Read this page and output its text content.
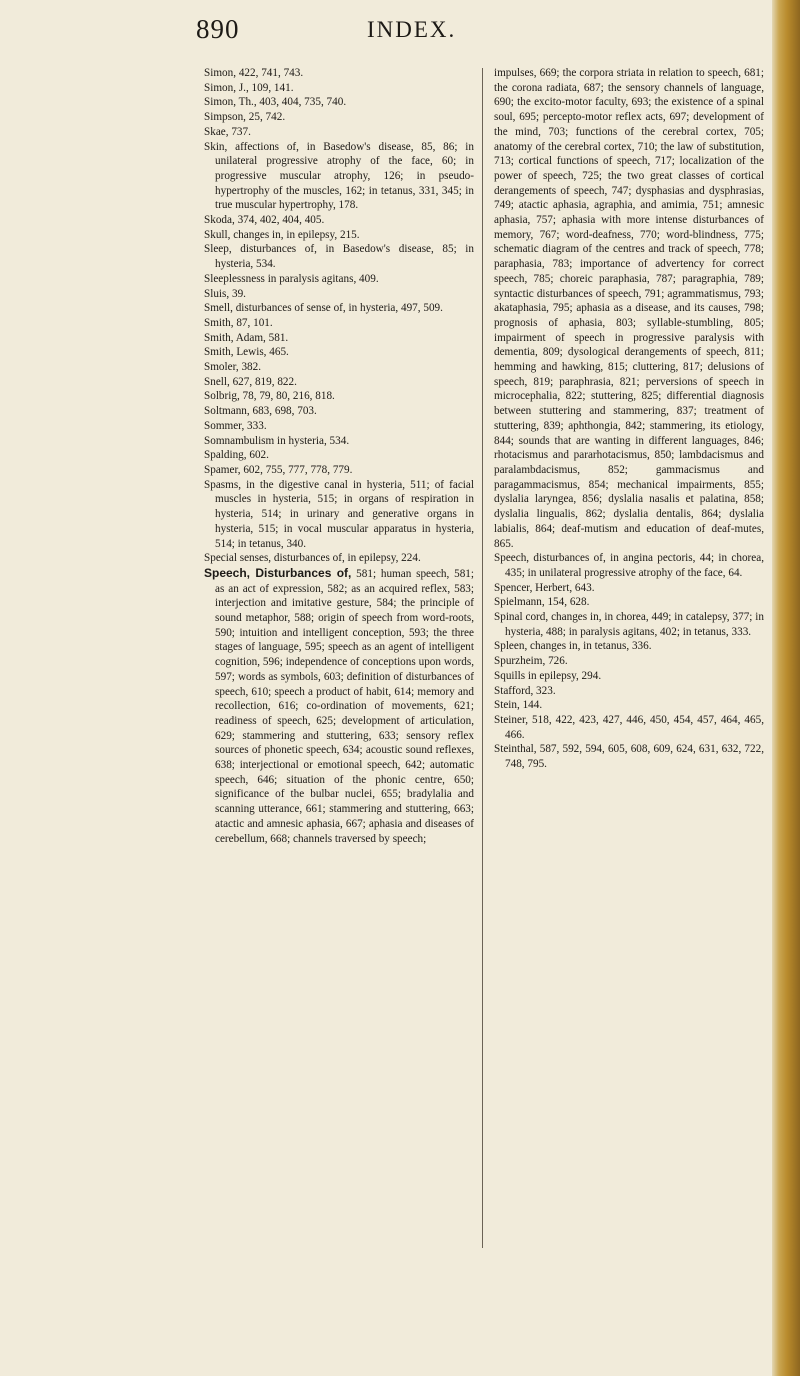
890	INDEX.

Simon, 422, 741, 743.

Simon, J., 109, 141.

Simon, Th., 403, 404, 735, 740.

Simpson, 25, 742.

Skae, 737.

Skin, affections of, in Basedow's disease, 85, 86; in unilateral progressive atrophy of the face, 60; in progressive muscular atrophy, 126; in pseudo-hypertrophy of the muscles, 162; in tetanus, 331, 345; in true muscular hypertrophy, 178.

Skoda, 374, 402, 404, 405.

Skull, changes in, in epilepsy, 215.

Sleep, disturbances of, in Basedow's disease, 85; in hysteria, 534.

Sleeplessness in paralysis agitans, 409.

Sluis, 39.

Smell, disturbances of sense of, in hysteria, 497, 509.

Smith, 87, 101.

Smith, Adam, 581.

Smith, Lewis, 465.

Smoler, 382.

Snell, 627, 819, 822.

Solbrig, 78, 79, 80, 216, 818.

Soltmann, 683, 698, 703.

Sommer, 333.

Somnambulism in hysteria, 534.

Spalding, 602.

Spamer, 602, 755, 777, 778, 779.

Spasms, in the digestive canal in hysteria, 511; of facial muscles in hysteria, 515; in organs of respiration in hysteria, 514; in urinary and generative organs in hysteria, 515; in vocal muscular apparatus in hysteria, 514; in tetanus, 340.

Special senses, disturbances of, in epilepsy, 224.

Speech, Disturbances of, 581; human speech, 581; as an act of expression, 582; as an acquired reflex, 583; interjection and imitative gesture, 584; the principle of sound metaphor, 588; origin of speech from word-roots, 590; intuition and intelligent conception, 593; the three stages of language, 595; speech as an agent of intelligent cognition, 596; independence of conceptions upon words, 597; words as symbols, 603; definition of disturbances of speech, 610; speech a product of habit, 614; memory and recollection, 616; co-ordination of movements, 621; readiness of speech, 625; development of articulation, 629; stammering and stuttering, 633; sensory reflex sources of phonetic speech, 634; acoustic sound reflexes, 638; interjectional or emotional speech, 642; automatic speech, 646; situation of the phonic centre, 650; significance of the bulbar nuclei, 655; bradylalia and scanning utterance, 661; stammering and stuttering, 663; atactic and amnesic aphasia, 667; aphasia and diseases of cerebellum, 668; channels traversed by speech;

impulses, 669; the corpora striata in relation to speech, 681; the corona radiata, 687; the sensory channels of language, 690; the excito-motor faculty, 693; the existence of a spinal soul, 695; percepto-motor reflex acts, 697; development of the mind, 703; functions of the cerebral cortex, 705; anatomy of the cerebral cortex, 710; the law of substitution, 713; cortical functions of speech, 717; localization of the power of speech, 725; the two great classes of cortical derangements of speech, 747; dysphasias and dysphrasias, 749; atactic aphasia, agraphia, and amimia, 751; amnesic aphasia, 757; aphasia with more intense disturbances of memory, 767; word-deafness, 770; word-blindness, 775; schematic diagram of the centres and track of speech, 778; paraphasia, 783; importance of advertency for correct speech, 785; choreic paraphasia, 787; paragraphia, 789; syntactic disturbances of speech, 791; agrammatismus, 793; akataphasia, 795; aphasia as a disease, and its causes, 798; prognosis of aphasia, 803; syllable-stumbling, 805; impairment of speech in progressive paralysis with dementia, 809; dysological derangements of speech, 811; hemming and hawking, 815; cluttering, 817; delusions of speech, 819; paraphrasia, 821; perversions of speech in microcephalia, 822; stuttering, 825; differential diagnosis between stuttering and stammering, 837; treatment of stuttering, 839; aphthongia, 842; stammering, its etiology, 844; sounds that are wanting in different languages, 846; rhotacismus and pararhotacismus, 850; lambdacismus and paralambdacismus, 852; gammacismus and paragammacismus, 854; mechanical impairments, 855; dyslalia laryngea, 856; dyslalia nasalis et palatina, 858; dyslalia lingualis, 862; dyslalia dentalis, 864; dyslalia labialis, 864; deaf-mutism and education of deaf-mutes, 865.

Speech, disturbances of, in angina pectoris, 44; in chorea, 435; in unilateral progressive atrophy of the face, 64.

Spencer, Herbert, 643.

Spielmann, 154, 628.

Spinal cord, changes in, in chorea, 449; in catalepsy, 377; in hysteria, 488; in paralysis agitans, 402; in tetanus, 333.

Spleen, changes in, in tetanus, 336.

Spurzheim, 726.

Squills in epilepsy, 294.

Stafford, 323.

Stein, 144.

Steiner, 518, 422, 423, 427, 446, 450, 454, 457, 464, 465, 466.

Steinthal, 587, 592, 594, 605, 608, 609, 624, 631, 632, 722, 748, 795.
